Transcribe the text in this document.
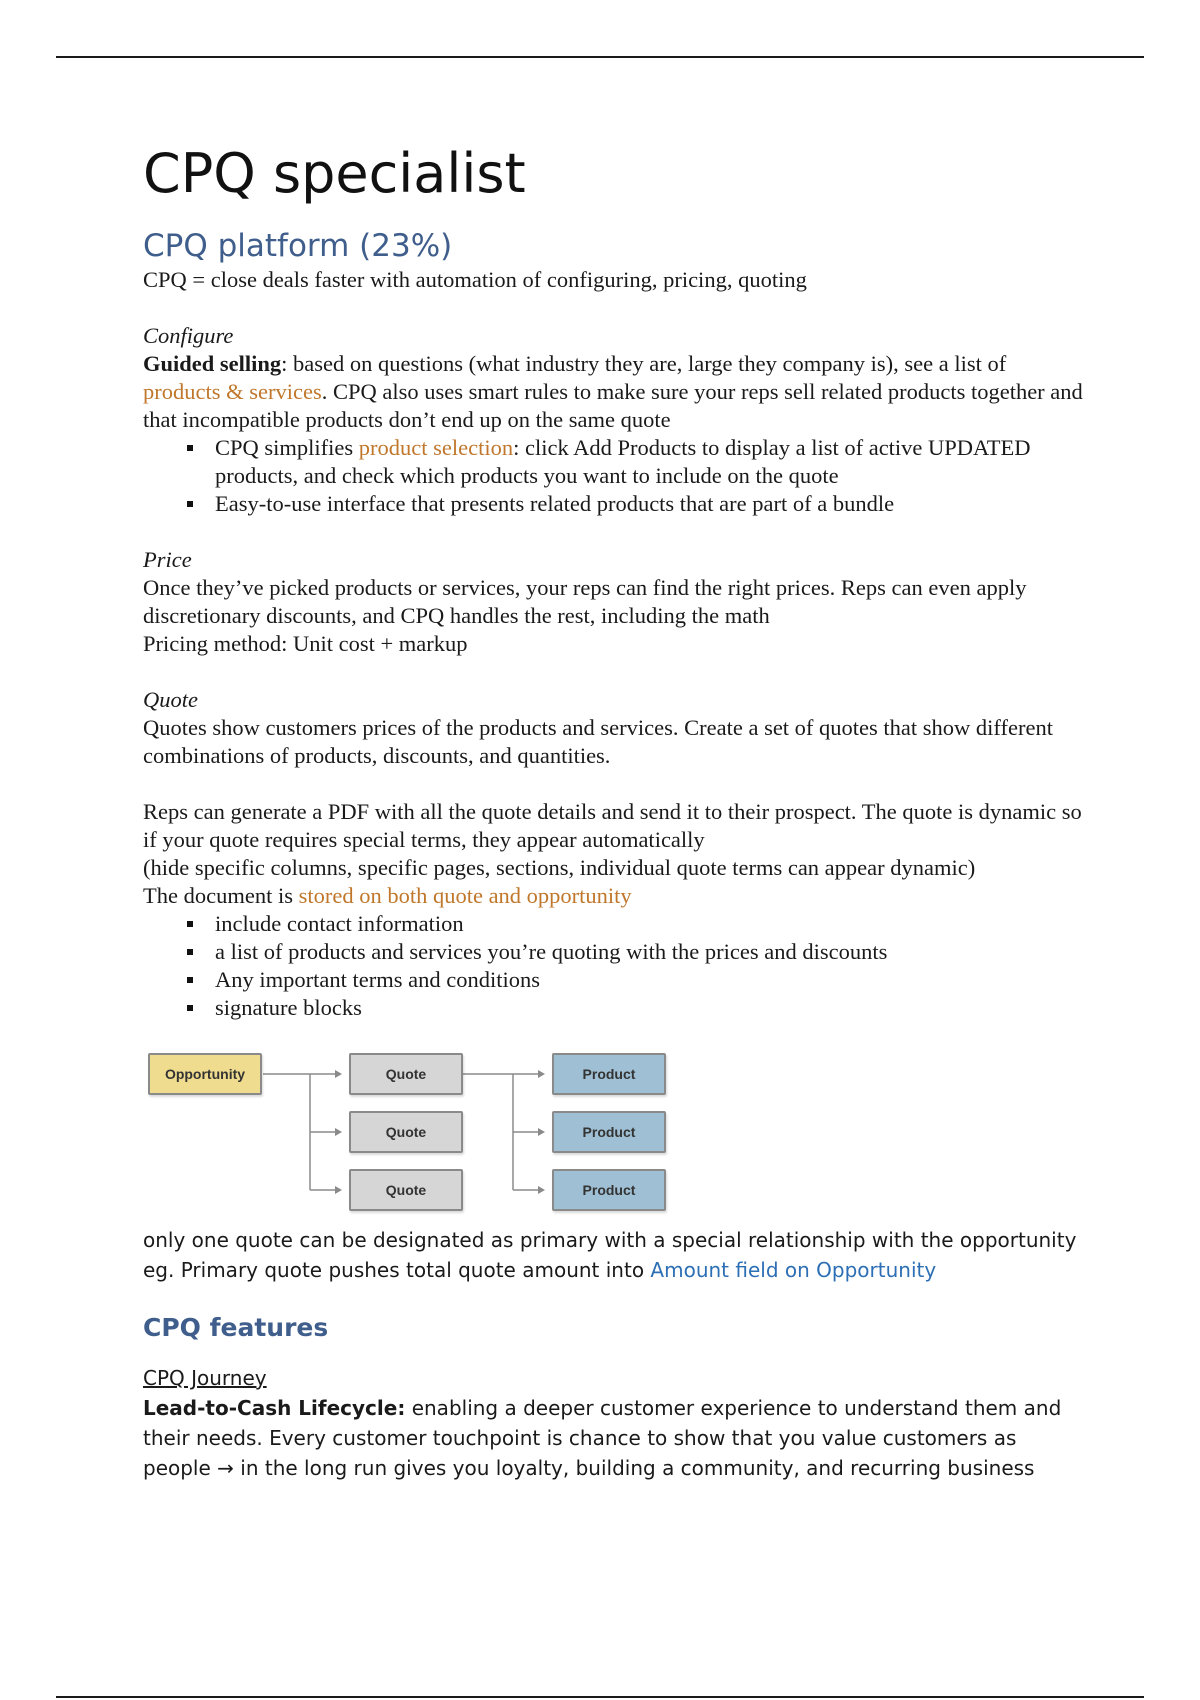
CPQ specialist
CPQ platform (23%)

CPQ = close deals faster with automation of configuring, pricing, quoting

Configure

Guided selling: based on questions (what industry they are, large they company is), see a list of products & services. CPQ also uses smart rules to make sure your reps sell related products together and that incompatible products don’t end up on the same quote

CPQ simplifies product selection: click Add Products to display a list of active UPDATED products, and check which products you want to include on the quote
Easy-to-use interface that presents related products that are part of a bundle

Price

Once they’ve picked products or services, your reps can find the right prices. Reps can even apply discretionary discounts, and CPQ handles the rest, including the math

Pricing method: Unit cost + markup

Quote

Quotes show customers prices of the products and services. Create a set of quotes that show different combinations of products, discounts, and quantities.

Reps can generate a PDF with all the quote details and send it to their prospect. The quote is dynamic so if your quote requires special terms, they appear automatically

(hide specific columns, specific pages, sections, individual quote terms can appear dynamic)

The document is stored on both quote and opportunity

include contact information
a list of products and services you’re quoting with the prices and discounts
Any important terms and conditions
signature blocks
Opportunity	Quote
Quote
Quote
Product
Product
Product

only one quote can be designated as primary with a special relationship with the opportunity

eg. Primary quote pushes total quote amount into Amount field on Opportunity

CPQ features

CPQ Journey

Lead-to-Cash Lifecycle: enabling a deeper customer experience to understand them and their needs. Every customer touchpoint is chance to show that you value customers as people → in the long run gives you loyalty, building a community, and recurring business
